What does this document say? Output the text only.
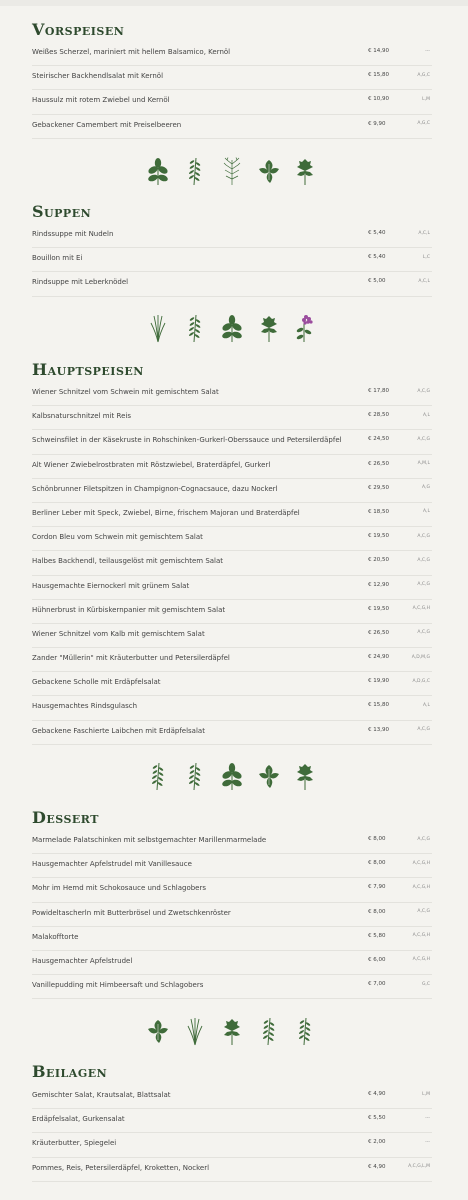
Vorspeisen
Weißes Scherzel, mariniert mit hellem Balsamico, Kernöl	€ 14,90	---
Steirischer Backhendlsalat mit Kernöl	€ 15,80	A,G,C
Haussulz mit rotem Zwiebel und Kernöl	€ 10,90	L,M
Gebackener Camembert mit Preiselbeeren	€ 9,90	A,G,C
Suppen
Rindssuppe mit Nudeln	€ 5,40	A,C,L
Bouillon mit Ei	€ 5,40	L,C
Rindsuppe mit Leberknödel	€ 5,00	A,C,L
Hauptspeisen
Wiener Schnitzel vom Schwein mit gemischtem Salat	€ 17,80	A,C,G
Kalbsnaturschnitzel mit Reis	€ 28,50	A,L
Schweinsfilet in der Käsekruste in Rohschinken-Gurkerl-Oberssauce und Petersilerdäpfel	€ 24,50	A,C,G
Alt Wiener Zwiebelrostbraten mit Röstzwiebel, Braterdäpfel, Gurkerl	€ 26,50	A,M,L
Schönbrunner Filetspitzen in Champignon-Cognacsauce, dazu Nockerl	€ 29,50	A,G
Berliner Leber mit Speck, Zwiebel, Birne, frischem Majoran und Braterdäpfel	€ 18,50	A,L
Cordon Bleu vom Schwein mit gemischtem Salat	€ 19,50	A,C,G
Halbes Backhendl, teilausgelöst mit gemischtem Salat	€ 20,50	A,C,G
Hausgemachte Eiernockerl mit grünem Salat	€ 12,90	A,C,G
Hühnerbrust in Kürbiskernpanier mit gemischtem Salat	€ 19,50	A,C,G,H
Wiener Schnitzel vom Kalb mit gemischtem Salat	€ 26,50	A,C,G
Zander "Müllerin" mit Kräuterbutter und Petersilerdäpfel	€ 24,90	A,D,M,G
Gebackene Scholle mit Erdäpfelsalat	€ 19,90	A,D,G,C
Hausgemachtes Rindsgulasch	€ 15,80	A,L
Gebackene Faschierte Laibchen mit Erdäpfelsalat	€ 13,90	A,C,G
Dessert
Marmelade Palatschinken mit selbstgemachter Marillenmarmelade	€ 8,00	A,C,G
Hausgemachter Apfelstrudel mit Vanillesauce	€ 8,00	A,C,G,H
Mohr im Hemd mit Schokosauce und Schlagobers	€ 7,90	A,C,G,H
Powideltascherln mit Butterbrösel und Zwetschkenröster	€ 8,00	A,C,G
Malakofftorte	€ 5,80	A,C,G,H
Hausgemachter Apfelstrudel	€ 6,00	A,C,G,H
Vanillepudding mit Himbeersaft und Schlagobers	€ 7,00	G,C
Beilagen
Gemischter Salat, Krautsalat, Blattsalat	€ 4,90	L,M
Erdäpfelsalat, Gurkensalat	€ 5,50	---
Kräuterbutter, Spiegelei	€ 2,00	---
Pommes, Reis, Petersilerdäpfel, Kroketten, Nockerl	€ 4,90	A,C,G,L,M
